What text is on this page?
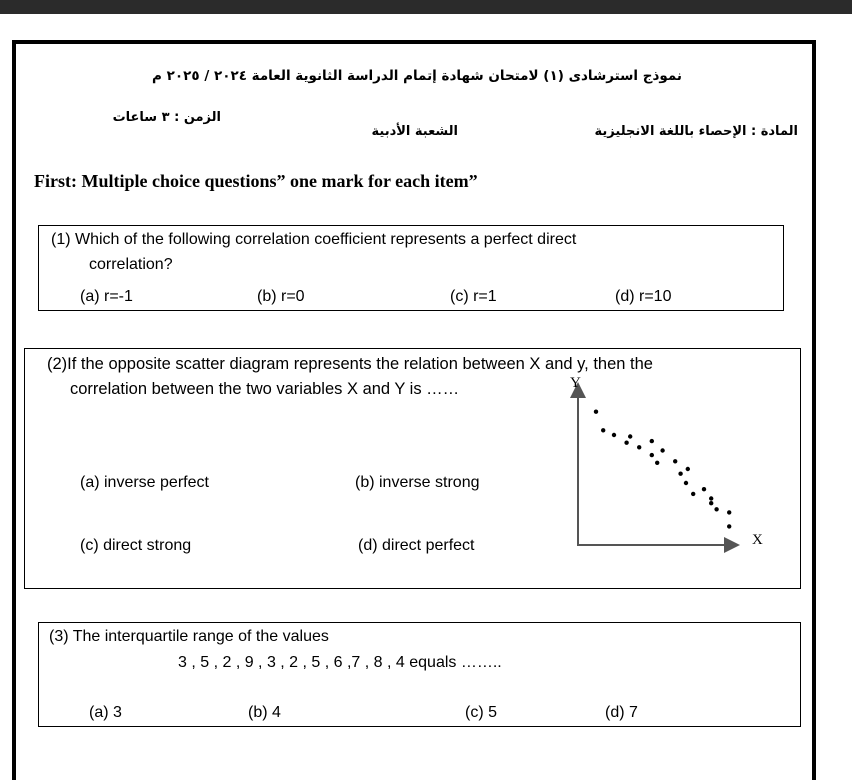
نموذج استرشادى (١) لامتحان شهادة إتمام الدراسة الثانوية العامة ٢٠٢٤ / ٢٠٢٥ م
الزمن : ٣ ساعات
الشعبة الأدبية	المادة : الإحصاء باللغة الانجليزية
First: Multiple choice questions” one mark for each item”
(1) Which of the following correlation coefficient represents a perfect direct
correlation?
(a) r=-1	(b) r=0	(c) r=1	(d) r=10
(2)If the opposite scatter diagram represents the relation between X and y, then the
correlation between the two variables X and Y is ……
(a) inverse perfect	(b) inverse strong
(c) direct strong	(d) direct perfect
Y
X
(3) The interquartile range of the values
3 , 5 , 2 , 9 , 3 , 2 , 5 , 6 ,7 , 8 , 4 equals ……..
(a) 3	(b) 4	(c) 5	(d) 7
